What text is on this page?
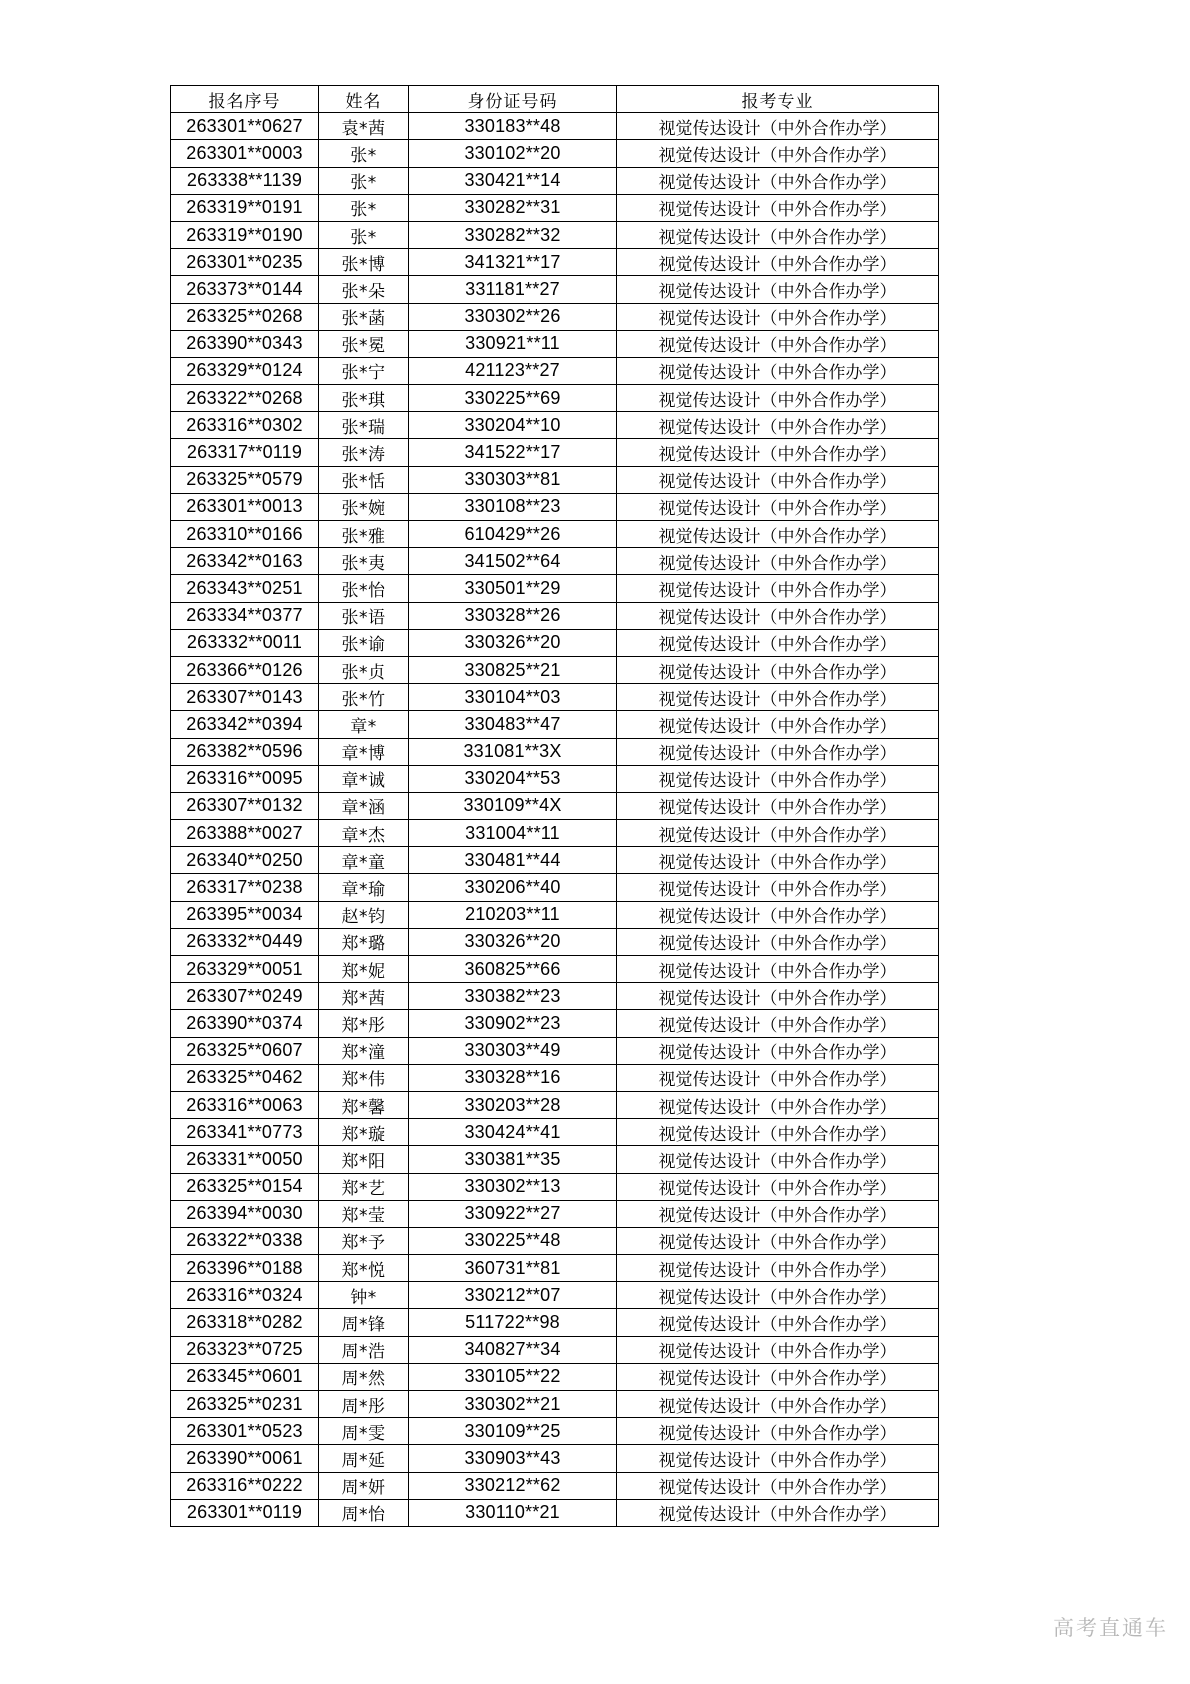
报名序号	姓名	身份证号码	报考专业
263301**0627	袁*茜	330183**48	视觉传达设计（中外合作办学）
263301**0003	张*	330102**20	视觉传达设计（中外合作办学）
263338**1139	张*	330421**14	视觉传达设计（中外合作办学）
263319**0191	张*	330282**31	视觉传达设计（中外合作办学）
263319**0190	张*	330282**32	视觉传达设计（中外合作办学）
263301**0235	张*博	341321**17	视觉传达设计（中外合作办学）
263373**0144	张*朵	331181**27	视觉传达设计（中外合作办学）
263325**0268	张*菡	330302**26	视觉传达设计（中外合作办学）
263390**0343	张*冕	330921**11	视觉传达设计（中外合作办学）
263329**0124	张*宁	421123**27	视觉传达设计（中外合作办学）
263322**0268	张*琪	330225**69	视觉传达设计（中外合作办学）
263316**0302	张*瑞	330204**10	视觉传达设计（中外合作办学）
263317**0119	张*涛	341522**17	视觉传达设计（中外合作办学）
263325**0579	张*恬	330303**81	视觉传达设计（中外合作办学）
263301**0013	张*婉	330108**23	视觉传达设计（中外合作办学）
263310**0166	张*雅	610429**26	视觉传达设计（中外合作办学）
263342**0163	张*夷	341502**64	视觉传达设计（中外合作办学）
263343**0251	张*怡	330501**29	视觉传达设计（中外合作办学）
263334**0377	张*语	330328**26	视觉传达设计（中外合作办学）
263332**0011	张*谕	330326**20	视觉传达设计（中外合作办学）
263366**0126	张*贞	330825**21	视觉传达设计（中外合作办学）
263307**0143	张*竹	330104**03	视觉传达设计（中外合作办学）
263342**0394	章*	330483**47	视觉传达设计（中外合作办学）
263382**0596	章*博	331081**3X	视觉传达设计（中外合作办学）
263316**0095	章*诚	330204**53	视觉传达设计（中外合作办学）
263307**0132	章*涵	330109**4X	视觉传达设计（中外合作办学）
263388**0027	章*杰	331004**11	视觉传达设计（中外合作办学）
263340**0250	章*童	330481**44	视觉传达设计（中外合作办学）
263317**0238	章*瑜	330206**40	视觉传达设计（中外合作办学）
263395**0034	赵*钧	210203**11	视觉传达设计（中外合作办学）
263332**0449	郑*璐	330326**20	视觉传达设计（中外合作办学）
263329**0051	郑*妮	360825**66	视觉传达设计（中外合作办学）
263307**0249	郑*茜	330382**23	视觉传达设计（中外合作办学）
263390**0374	郑*彤	330902**23	视觉传达设计（中外合作办学）
263325**0607	郑*潼	330303**49	视觉传达设计（中外合作办学）
263325**0462	郑*伟	330328**16	视觉传达设计（中外合作办学）
263316**0063	郑*馨	330203**28	视觉传达设计（中外合作办学）
263341**0773	郑*璇	330424**41	视觉传达设计（中外合作办学）
263331**0050	郑*阳	330381**35	视觉传达设计（中外合作办学）
263325**0154	郑*艺	330302**13	视觉传达设计（中外合作办学）
263394**0030	郑*莹	330922**27	视觉传达设计（中外合作办学）
263322**0338	郑*予	330225**48	视觉传达设计（中外合作办学）
263396**0188	郑*悦	360731**81	视觉传达设计（中外合作办学）
263316**0324	钟*	330212**07	视觉传达设计（中外合作办学）
263318**0282	周*锋	511722**98	视觉传达设计（中外合作办学）
263323**0725	周*浩	340827**34	视觉传达设计（中外合作办学）
263345**0601	周*然	330105**22	视觉传达设计（中外合作办学）
263325**0231	周*彤	330302**21	视觉传达设计（中外合作办学）
263301**0523	周*雯	330109**25	视觉传达设计（中外合作办学）
263390**0061	周*延	330903**43	视觉传达设计（中外合作办学）
263316**0222	周*妍	330212**62	视觉传达设计（中外合作办学）
263301**0119	周*怡	330110**21	视觉传达设计（中外合作办学）
高考直通车
